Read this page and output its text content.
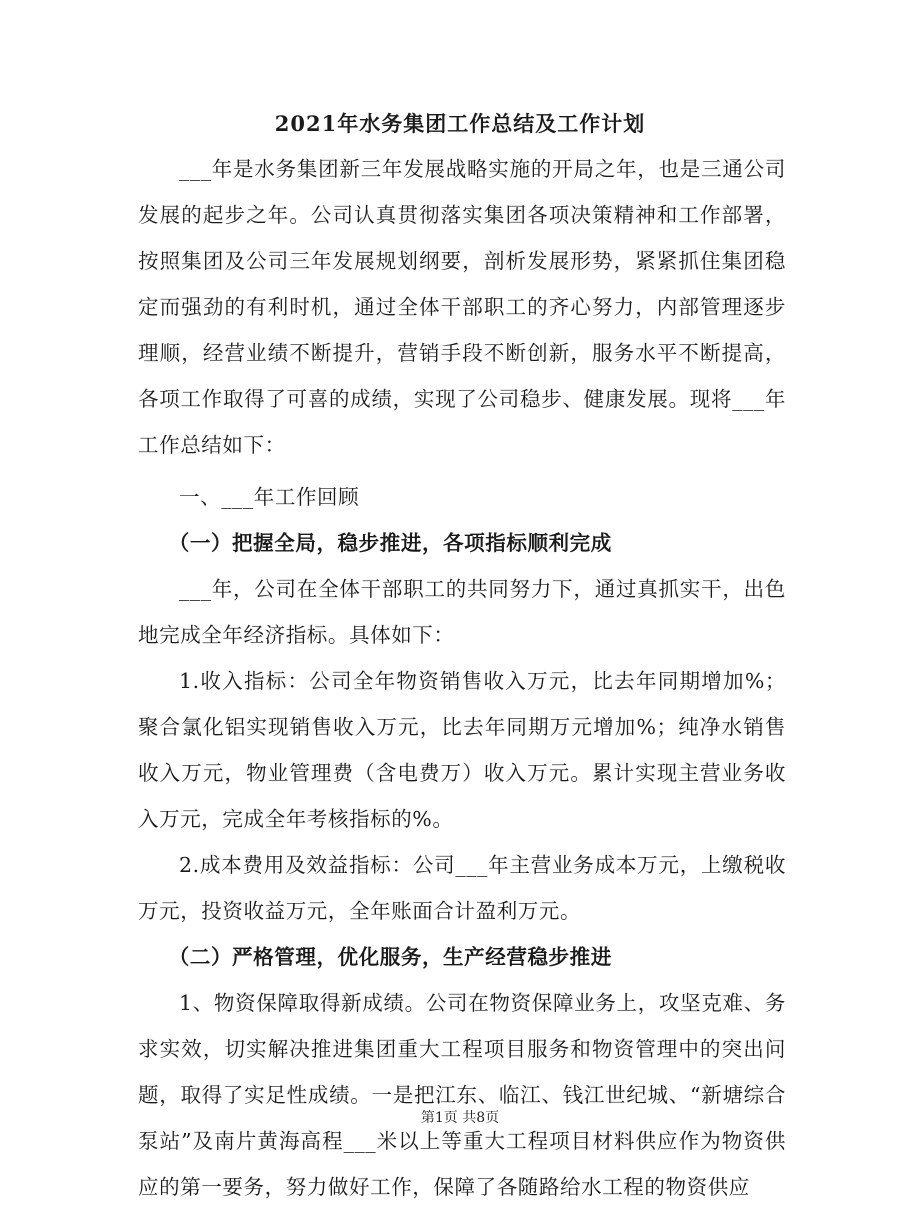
2021年水务集团工作总结及工作计划

___年是水务集团新三年发展战略实施的开局之年，也是三通公司发展的起步之年。公司认真贯彻落实集团各项决策精神和工作部署，按照集团及公司三年发展规划纲要，剖析发展形势，紧紧抓住集团稳定而强劲的有利时机，通过全体干部职工的齐心努力，内部管理逐步理顺，经营业绩不断提升，营销手段不断创新，服务水平不断提高，各项工作取得了可喜的成绩，实现了公司稳步、健康发展。现将___年工作总结如下：

一、___年工作回顾

（一）把握全局，稳步推进，各项指标顺利完成

___年，公司在全体干部职工的共同努力下，通过真抓实干，出色地完成全年经济指标。具体如下：

1.收入指标：公司全年物资销售收入万元，比去年同期增加%；聚合氯化铝实现销售收入万元，比去年同期万元增加%；纯净水销售收入万元，物业管理费（含电费万）收入万元。累计实现主营业务收入万元，完成全年考核指标的%。

2.成本费用及效益指标：公司___年主营业务成本万元，上缴税收万元，投资收益万元，全年账面合计盈利万元。

（二）严格管理，优化服务，生产经营稳步推进

1、物资保障取得新成绩。公司在物资保障业务上，攻坚克难、务求实效，切实解决推进集团重大工程项目服务和物资管理中的突出问题，取得了实足性成绩。一是把江东、临江、钱江世纪城、“新塘综合泵站”及南片黄海高程___米以上等重大工程项目材料供应作为物资供应的第一要务，努力做好工作，保障了各随路给水工程的物资供应

第1页 共8页
